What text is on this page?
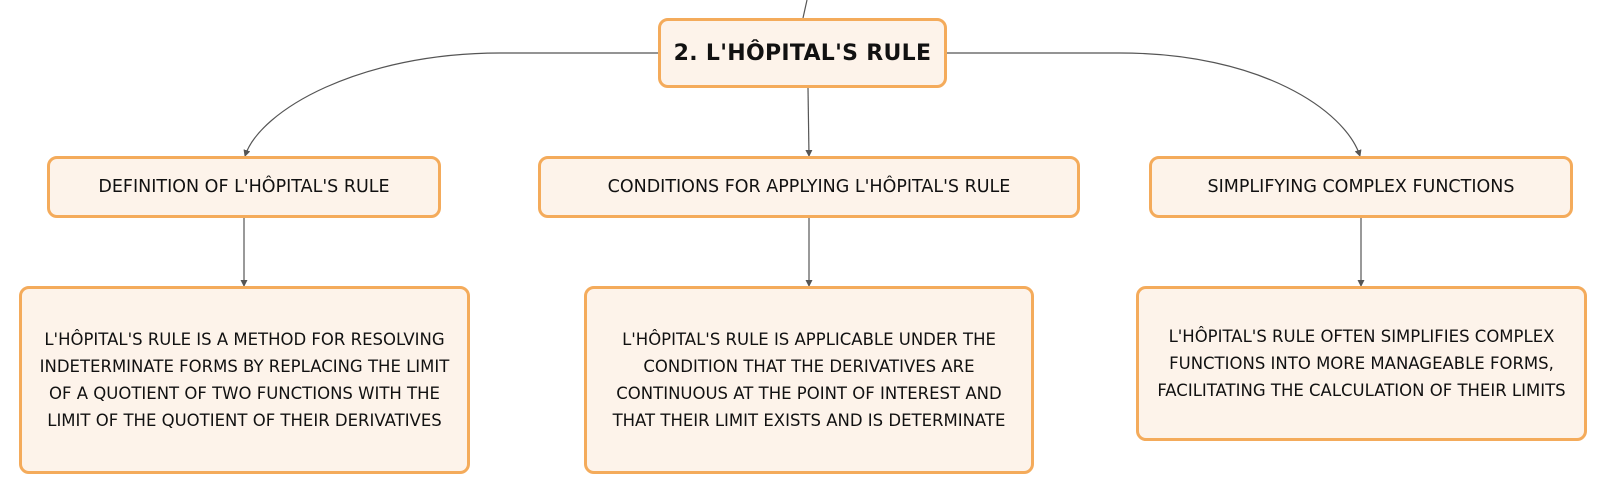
2. L'HÔPITAL'S RULE
DEFINITION OF L'HÔPITAL'S RULE	CONDITIONS FOR APPLYING L'HÔPITAL'S RULE	SIMPLIFYING COMPLEX FUNCTIONS
L'HÔPITAL'S RULE IS A METHOD FOR RESOLVING INDETERMINATE FORMS BY REPLACING THE LIMIT OF A QUOTIENT OF TWO FUNCTIONS WITH THE LIMIT OF THE QUOTIENT OF THEIR DERIVATIVES
L'HÔPITAL'S RULE IS APPLICABLE UNDER THE CONDITION THAT THE DERIVATIVES ARE CONTINUOUS AT THE POINT OF INTEREST AND THAT THEIR LIMIT EXISTS AND IS DETERMINATE
L'HÔPITAL'S RULE OFTEN SIMPLIFIES COMPLEX FUNCTIONS INTO MORE MANAGEABLE FORMS, FACILITATING THE CALCULATION OF THEIR LIMITS
